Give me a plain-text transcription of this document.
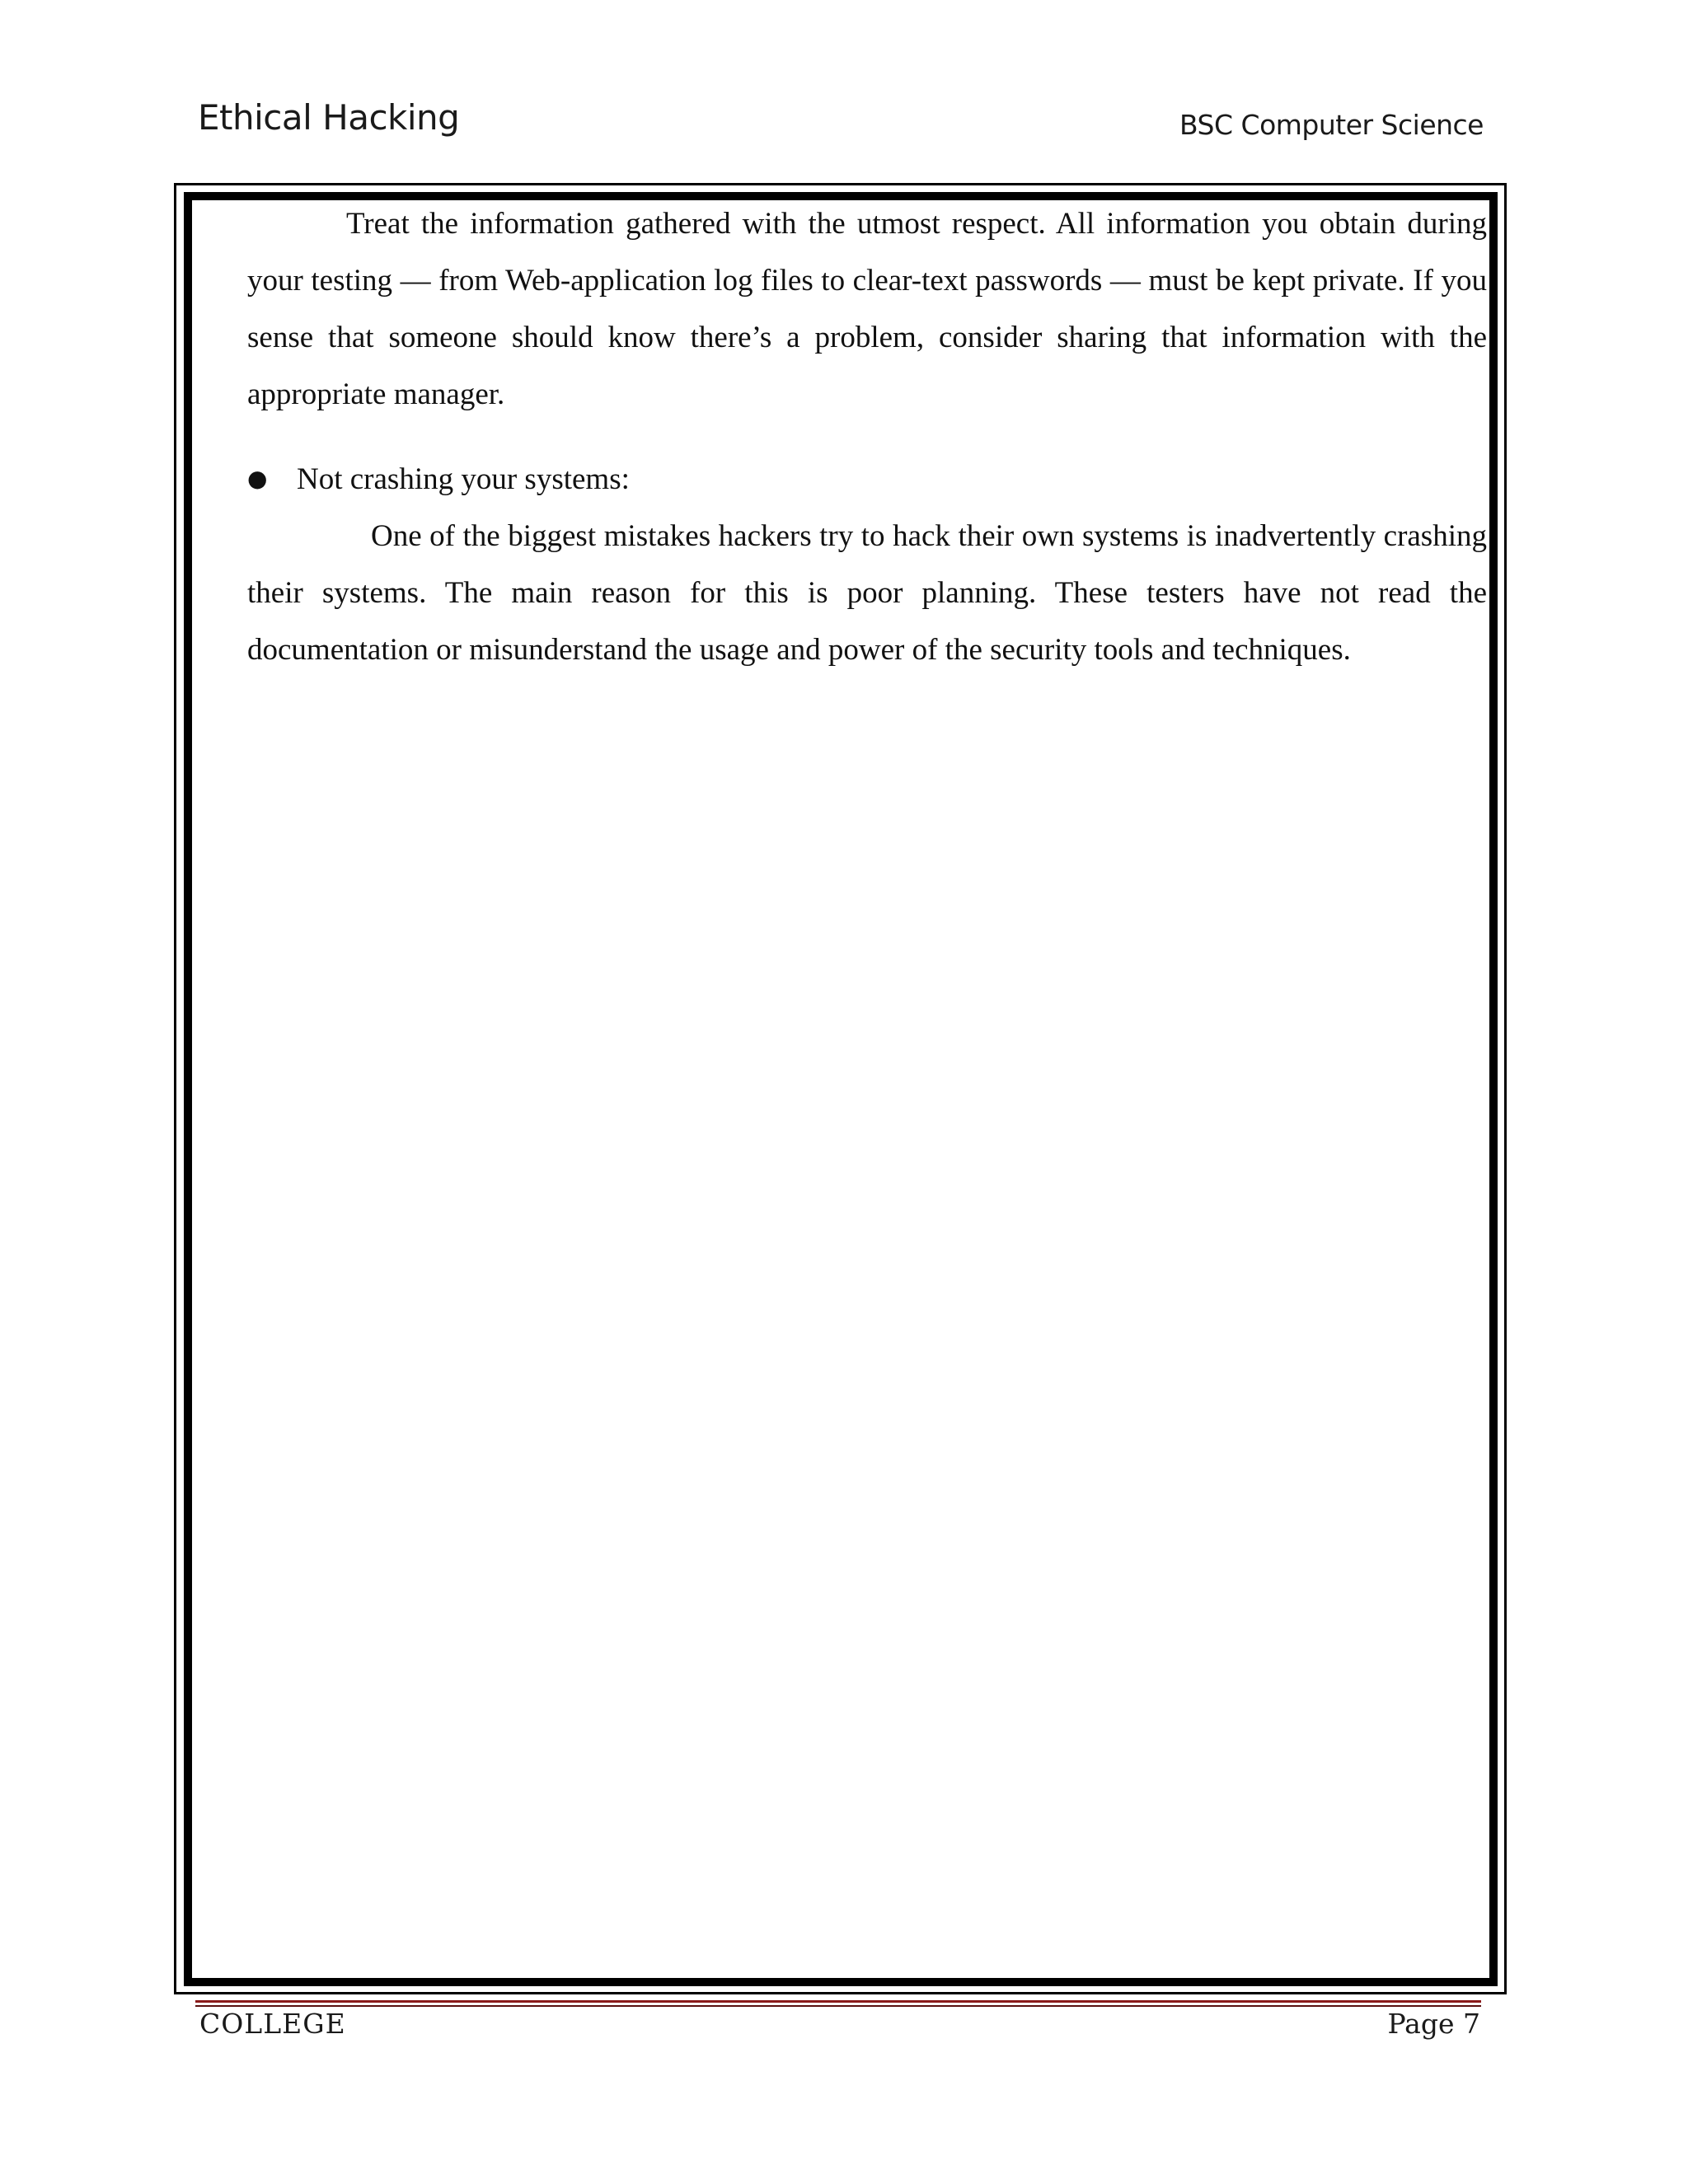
Ethical Hacking	BSC Computer Science

Treat the information gathered with the utmost respect. All information you obtain during your testing — from Web-application log files to clear-text passwords — must be kept private. If you sense that someone should know there’s a problem, consider sharing that information with the appropriate manager.

● Not crashing your systems:

One of the biggest mistakes hackers try to hack their own systems is inadvertently crashing their systems. The main reason for this is poor planning. These testers have not read the documentation or misunderstand the usage and power of the security tools and techniques.

COLLEGE	Page 7
